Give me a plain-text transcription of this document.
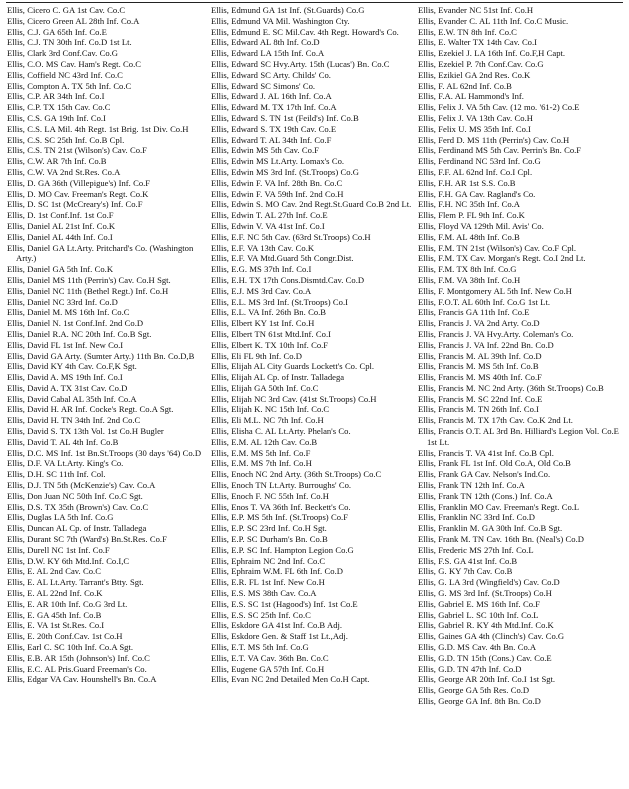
Ellis, Cicero C. GA 1st Cav. Co.C
Ellis, Cicero Green AL 28th Inf. Co.A
Ellis, C.J. GA 65th Inf. Co.E
Ellis, C.J. TN 30th Inf. Co.D 1st Lt.
Ellis, Clark 3rd Conf.Cav. Co.G
Ellis, C.O. MS Cav. Ham's Regt. Co.C
Ellis, Coffield NC 43rd Inf. Co.C
Ellis, Compton A. TX 5th Inf. Co.C
Ellis, C.P. AR 34th Inf. Co.I
Ellis, C.P. TX 15th Cav. Co.C
Ellis, C.S. GA 19th Inf. Co.I
Ellis, C.S. LA Mil. 4th Regt. 1st Brig. 1st Div. Co.H
Ellis, C.S. SC 25th Inf. Co.B Cpl.
Ellis, C.S. TN 21st (Wilson's) Cav. Co.F
Ellis, C.W. AR 7th Inf. Co.B
Ellis, C.W. VA 2nd St.Res. Co.A
Ellis, D. GA 36th (Villepigue's) Inf. Co.F
Ellis, D. MO Cav. Freeman's Regt. Co.K
Ellis, D. SC 1st (McCreary's) Inf. Co.F
Ellis, D. 1st Conf.Inf. 1st Co.F
Ellis, Daniel AL 21st Inf. Co.K
Ellis, Daniel AL 44th Inf. Co.I
Ellis, Daniel GA Lt.Arty. Pritchard's Co. (Washington Arty.)
Ellis, Daniel GA 5th Inf. Co.K
Ellis, Daniel MS 11th (Perrin's) Cav. Co.H Sgt.
Ellis, Daniel NC 11th (Bethel Regt.) Inf. Co.H
Ellis, Daniel NC 33rd Inf. Co.D
Ellis, Daniel M. MS 16th Inf. Co.C
Ellis, Daniel N. 1st Conf.Inf. 2nd Co.D
Ellis, Daniel R.A. NC 20th Inf. Co.B Sgt.
Ellis, David FL 1st Inf. New Co.I
Ellis, David GA Arty. (Sumter Arty.) 11th Bn. Co.D,B
Ellis, David KY 4th Cav. Co.F,K Sgt.
Ellis, David A. MS 19th Inf. Co.I
Ellis, David A. TX 31st Cav. Co.D
Ellis, David Cabal AL 35th Inf. Co.A
Ellis, David H. AR Inf. Cocke's Regt. Co.A Sgt.
Ellis, David H. TN 34th Inf. 2nd Co.C
Ellis, David S. TX 13th Vol. 1st Co.H Bugler
Ellis, David T. AL 4th Inf. Co.B
Ellis, D.C. MS Inf. 1st Bn.St.Troops (30 days '64) Co.D
Ellis, D.F. VA Lt.Arty. King's Co.
Ellis, D.H. SC 11th Inf. Col.
Ellis, D.J. TN 5th (McKenzie's) Cav. Co.A
Ellis, Don Juan NC 50th Inf. Co.C Sgt.
Ellis, D.S. TX 35th (Brown's) Cav. Co.C
Ellis, Duglas LA 5th Inf. Co.G
Ellis, Duncan AL Cp. of Instr. Talladega
Ellis, Durant SC 7th (Ward's) Bn.St.Res. Co.F
Ellis, Durell NC 1st Inf. Co.F
Ellis, D.W. KY 6th Mtd.Inf. Co.I,C
Ellis, E. AL 2nd Cav. Co.C
Ellis, E. AL Lt.Arty. Tarrant's Btty. Sgt.
Ellis, E. AL 22nd Inf. Co.K
Ellis, E. AR 10th Inf. Co.G 3rd Lt.
Ellis, E. GA 45th Inf. Co.B
Ellis, E. VA 1st St.Res. Co.I
Ellis, E. 20th Conf.Cav. 1st Co.H
Ellis, Earl C. SC 10th Inf. Co.A Sgt.
Ellis, E.B. AR 15th (Johnson's) Inf. Co.C
Ellis, E.C. AL Pris.Guard Freeman's Co.
Ellis, Edgar VA Cav. Hounshell's Bn. Co.A
Ellis, Edmund GA 1st Inf. (St.Guards) Co.G
Ellis, Edmund VA Mil. Washington Cty.
Ellis, Edmund E. SC Mil.Cav. 4th Regt. Howard's Co.
Ellis, Edward AL 8th Inf. Co.D
Ellis, Edward LA 15th Inf. Co.A
Ellis, Edward SC Hvy.Arty. 15th (Lucas') Bn. Co.C
Ellis, Edward SC Arty. Childs' Co.
Ellis, Edward SC Simons' Co.
Ellis, Edward J. AL 16th Inf. Co.A
Ellis, Edward M. TX 17th Inf. Co.A
Ellis, Edward S. TN 1st (Feild's) Inf. Co.B
Ellis, Edward S. TX 19th Cav. Co.E
Ellis, Edward T. AL 34th Inf. Co.F
Ellis, Edwin MS 5th Cav. Co.F
Ellis, Edwin MS Lt.Arty. Lomax's Co.
Ellis, Edwin MS 3rd Inf. (St.Troops) Co.G
Ellis, Edwin F. VA Inf. 28th Bn. Co.C
Ellis, Edwin F. VA 59th Inf. 2nd Co.H
Ellis, Edwin S. MO Cav. 2nd Regt.St.Guard Co.B 2nd Lt.
Ellis, Edwin T. AL 27th Inf. Co.E
Ellis, Edwin V. VA 41st Inf. Co.I
Ellis, E.F. NC 5th Cav. (63rd St.Troops) Co.H
Ellis, E.F. VA 13th Cav. Co.K
Ellis, E.F. VA Mtd.Guard 5th Congr.Dist.
Ellis, E.G. MS 37th Inf. Co.I
Ellis, E.H. TX 17th Cons.Dismtd.Cav. Co.D
Ellis, E.J. MS 3rd Cav. Co.A
Ellis, E.L. MS 3rd Inf. (St.Troops) Co.I
Ellis, E.L. VA Inf. 26th Bn. Co.B
Ellis, Elbert KY 1st Inf. Co.H
Ellis, Elbert TN 61st Mtd.Inf. Co.I
Ellis, Elbert K. TX 10th Inf. Co.F
Ellis, Eli FL 9th Inf. Co.D
Ellis, Elijah AL City Guards Lockett's Co. Cpl.
Ellis, Elijah AL Cp. of Instr. Talladega
Ellis, Elijah GA 50th Inf. Co.C
Ellis, Elijah NC 3rd Cav. (41st St.Troops) Co.H
Ellis, Elijah K. NC 15th Inf. Co.C
Ellis, Eli M.L. NC 7th Inf. Co.H
Ellis, Elisha C. AL Lt.Arty. Phelan's Co.
Ellis, E.M. AL 12th Cav. Co.B
Ellis, E.M. MS 5th Inf. Co.F
Ellis, E.M. MS 7th Inf. Co.H
Ellis, Enoch NC 2nd Arty. (36th St.Troops) Co.C
Ellis, Enoch TN Lt.Arty. Burroughs' Co.
Ellis, Enoch F. NC 55th Inf. Co.H
Ellis, Enos T. VA 36th Inf. Beckett's Co.
Ellis, E.P. MS 5th Inf. (St.Troops) Co.F
Ellis, E.P. SC 23rd Inf. Co.H Sgt.
Ellis, E.P. SC Durham's Bn. Co.B
Ellis, E.P. SC Inf. Hampton Legion Co.G
Ellis, Ephraim NC 2nd Inf. Co.C
Ellis, Ephraim W.M. FL 6th Inf. Co.D
Ellis, E.R. FL 1st Inf. New Co.H
Ellis, E.S. MS 38th Cav. Co.A
Ellis, E.S. SC 1st (Hagood's) Inf. 1st Co.E
Ellis, E.S. SC 25th Inf. Co.C
Ellis, Eskdore GA 41st Inf. Co.B Adj.
Ellis, Eskdore Gen. & Staff 1st Lt.,Adj.
Ellis, E.T. MS 5th Inf. Co.G
Ellis, E.T. VA Cav. 36th Bn. Co.C
Ellis, Eugene GA 57th Inf. Co.H
Ellis, Evan NC 2nd Detailed Men Co.H Capt.
Ellis, Evander NC 51st Inf. Co.H
Ellis, Evander C. AL 11th Inf. Co.C Music.
Ellis, E.W. TN 8th Inf. Co.C
Ellis, E. Walter TX 14th Cav. Co.I
Ellis, Ezekiel J. LA 16th Inf. Co.F,H Capt.
Ellis, Ezekiel P. 7th Conf.Cav. Co.G
Ellis, Ezikiel GA 2nd Res. Co.K
Ellis, F. AL 62nd Inf. Co.B
Ellis, F.A. AL Hammond's Inf.
Ellis, Felix J. VA 5th Cav. (12 mo. '61-2) Co.E
Ellis, Felix J. VA 13th Cav. Co.H
Ellis, Felix U. MS 35th Inf. Co.I
Ellis, Ferd D. MS 11th (Perrin's) Cav. Co.H
Ellis, Ferdinand MS 5th Cav. Perrin's Bn. Co.F
Ellis, Ferdinand NC 53rd Inf. Co.G
Ellis, F.F. AL 62nd Inf. Co.I Cpl.
Ellis, F.H. AR 1st S.S. Co.B
Ellis, F.H. GA Cav. Ragland's Co.
Ellis, F.H. NC 35th Inf. Co.A
Ellis, Flem P. FL 9th Inf. Co.K
Ellis, Floyd VA 129th Mil. Avis' Co.
Ellis, F.M. AL 48th Inf. Co.B
Ellis, F.M. TN 21st (Wilson's) Cav. Co.F Cpl.
Ellis, F.M. TX Cav. Morgan's Regt. Co.I 2nd Lt.
Ellis, F.M. TX 8th Inf. Co.G
Ellis, F.M. VA 38th Inf. Co.H
Ellis, F. Montgomery AL 5th Inf. New Co.H
Ellis, F.O.T. AL 60th Inf. Co.G 1st Lt.
Ellis, Francis GA 11th Inf. Co.E
Ellis, Francis J. VA 2nd Arty. Co.D
Ellis, Francis J. VA Hvy.Arty. Coleman's Co.
Ellis, Francis J. VA Inf. 22nd Bn. Co.D
Ellis, Francis M. AL 39th Inf. Co.D
Ellis, Francis M. MS 5th Inf. Co.B
Ellis, Francis M. MS 40th Inf. Co.F
Ellis, Francis M. NC 2nd Arty. (36th St.Troops) Co.B
Ellis, Francis M. SC 22nd Inf. Co.E
Ellis, Francis M. TN 26th Inf. Co.I
Ellis, Francis M. TX 17th Cav. Co.K 2nd Lt.
Ellis, Francis O.T. AL 3rd Bn. Hilliard's Legion Vol. Co.E 1st Lt.
Ellis, Francis T. VA 41st Inf. Co.B Cpl.
Ellis, Frank FL 1st Inf. Old Co.A, Old Co.B
Ellis, Frank GA Cav. Nelson's Ind.Co.
Ellis, Frank TN 12th Inf. Co.A
Ellis, Frank TN 12th (Cons.) Inf. Co.A
Ellis, Franklin MO Cav. Freeman's Regt. Co.L
Ellis, Franklin NC 33rd Inf. Co.D
Ellis, Franklin M. GA 30th Inf. Co.B Sgt.
Ellis, Frank M. TN Cav. 16th Bn. (Neal's) Co.D
Ellis, Frederic MS 27th Inf. Co.L
Ellis, F.S. GA 41st Inf. Co.B
Ellis, G. KY 7th Cav. Co.B
Ellis, G. LA 3rd (Wingfield's) Cav. Co.D
Ellis, G. MS 3rd Inf. (St.Troops) Co.H
Ellis, Gabriel E. MS 16th Inf. Co.F
Ellis, Gabriel L. SC 10th Inf. Co.L
Ellis, Gabriel R. KY 4th Mtd.Inf. Co.K
Ellis, Gaines GA 4th (Clinch's) Cav. Co.G
Ellis, G.D. MS Cav. 4th Bn. Co.A
Ellis, G.D. TN 15th (Cons.) Cav. Co.E
Ellis, G.D. TN 47th Inf. Co.D
Ellis, George AR 20th Inf. Co.I 1st Sgt.
Ellis, George GA 5th Res. Co.D
Ellis, George GA Inf. 8th Bn. Co.D
